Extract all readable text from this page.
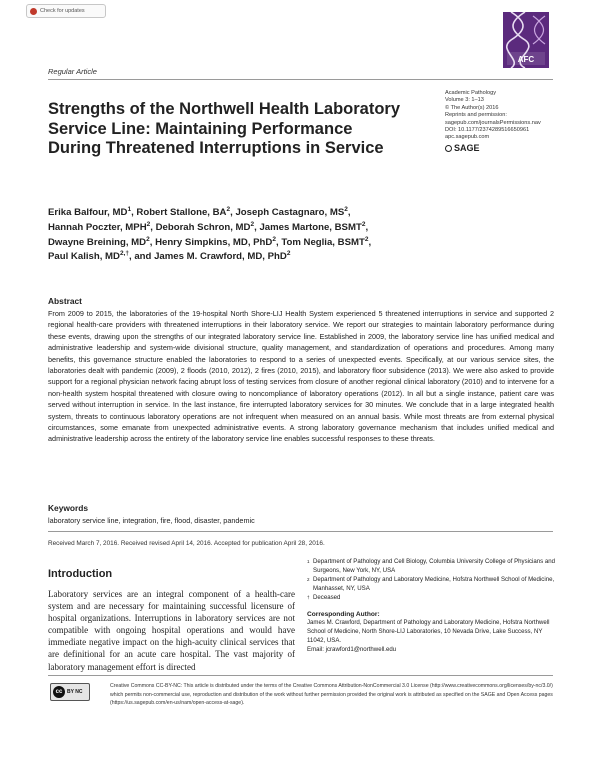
Check for updates
AFC
Regular Article
Strengths of the Northwell Health Laboratory Service Line: Maintaining Performance During Threatened Interruptions in Service
Academic Pathology
Volume 3: 1–13
© The Author(s) 2016
Reprints and permission:
sagepub.com/journalsPermissions.nav
DOI: 10.1177/2374289516650961
apc.sagepub.com
SAGE
Erika Balfour, $MD^1$, Robert Stallone, $BA^2$, Joseph Castagnaro, $MS^2$,
Hannah Poczter, MPH$^2$, Deborah Schron, $MD^2$, James Martone, BSMT$^2$,
Dwayne Breining, $MD^2$, Henry Simpkins, MD, PhD$^2$, Tom Neglia, BSMT$^2$,
Paul Kalish, $MD^{2,\dagger}$, and James M. Crawford, MD, PhD$^2$
Abstract
From 2009 to 2015, the laboratories of the 19-hospital North Shore-LIJ Health System experienced 5 threatened interruptions in service and supported 2 regional health-care providers with threatened interruptions in their laboratory service. We report our strategies to maintain laboratory performance during these events, drawing upon the strengths of our integrated laboratory service line. Established in 2009, the laboratory service line has unified medical and administrative leadership and system-wide divisional structure, quality management, and standardization of operations and procedures. Among many benefits, this governance structure enabled the laboratories to respond to a series of unexpected events. Specifically, at our various service sites, the laboratories dealt with pandemic (2009), 2 floods (2010, 2012), 2 fires (2010, 2015), and laboratory floor subsidence (2013). We were also asked to provide support for a regional physician network facing abrupt loss of testing services from closure of another regional clinical laboratory (2010) and to intervene for a non-health system hospital threatened with closure owing to noncompliance of laboratory operations (2012). In all but a single instance, patient care was served without interruption in service. In the last instance, fire interrupted laboratory services for 30 minutes. We conclude that in a large integrated health system, threats to continuous laboratory operations are not infrequent when measured on an annual basis. While most threats are from external physical circumstances, some emanate from unexpected administrative events. A strong laboratory governance mechanism that includes unified medical and administrative leadership across the entirety of the laboratory service line enables successful responses to these threats.
Keywords
laboratory service line, integration, fire, flood, disaster, pandemic
Received March 7, 2016. Received revised April 14, 2016. Accepted for publication April 28, 2016.
Introduction
Laboratory services are an integral component of a health-care system and are necessary for maintaining successful licensure of hospital organizations. Interruptions in laboratory services are not compatible with ongoing hospital operations and would have immediate negative impact on the high-acuity clinical services that are definitional for an acute care hospital. The vast majority of laboratory management effort is directed
1 Department of Pathology and Cell Biology, Columbia University College of Physicians and Surgeons, New York, NY, USA
2 Department of Pathology and Laboratory Medicine, Hofstra Northwell School of Medicine, Manhasset, NY, USA
† Deceased
Corresponding Author:
James M. Crawford, Department of Pathology and Laboratory Medicine, Hofstra Northwell School of Medicine, North Shore-LIJ Laboratories, 10 Nevada Drive, Lake Success, NY 11042, USA.
Email: jcrawford1@northwell.edu
cc BY NC
Creative Commons CC-BY-NC: This article is distributed under the terms of the Creative Commons Attribution-NonCommercial 3.0 License (http://www.creativecommons.org/licenses/by-nc/3.0/) which permits non-commercial use, reproduction and distribution of the work without further permission provided the original work is attributed as specified on the SAGE and Open Access pages (https://us.sagepub.com/en-us/nam/open-access-at-sage).
